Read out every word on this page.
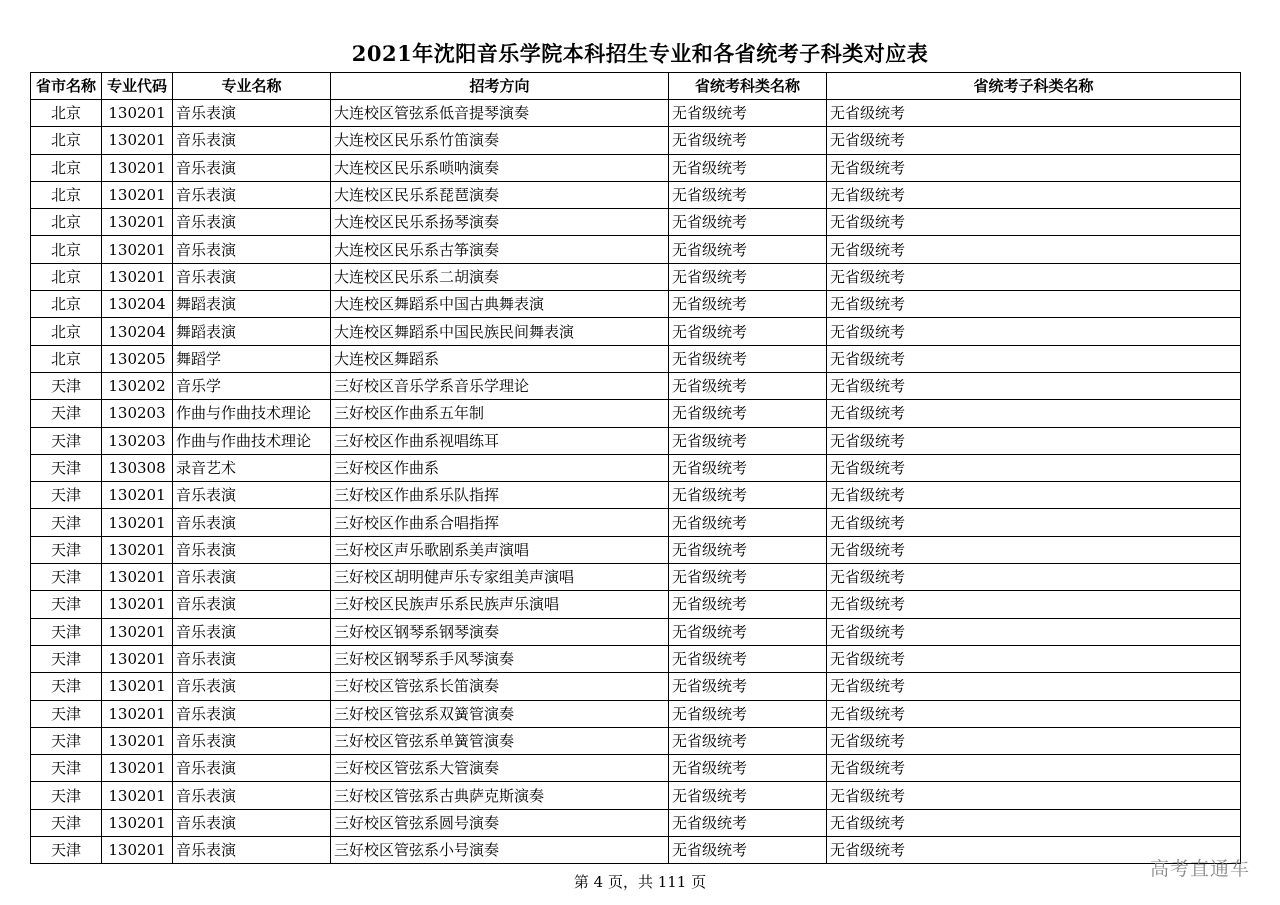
2021年沈阳音乐学院本科招生专业和各省统考子科类对应表
省市名称	专业代码	专业名称	招考方向	省统考科类名称	省统考子科类名称
北京	130201	音乐表演	大连校区管弦系低音提琴演奏	无省级统考	无省级统考
北京	130201	音乐表演	大连校区民乐系竹笛演奏	无省级统考	无省级统考
北京	130201	音乐表演	大连校区民乐系唢呐演奏	无省级统考	无省级统考
北京	130201	音乐表演	大连校区民乐系琵琶演奏	无省级统考	无省级统考
北京	130201	音乐表演	大连校区民乐系扬琴演奏	无省级统考	无省级统考
北京	130201	音乐表演	大连校区民乐系古筝演奏	无省级统考	无省级统考
北京	130201	音乐表演	大连校区民乐系二胡演奏	无省级统考	无省级统考
北京	130204	舞蹈表演	大连校区舞蹈系中国古典舞表演	无省级统考	无省级统考
北京	130204	舞蹈表演	大连校区舞蹈系中国民族民间舞表演	无省级统考	无省级统考
北京	130205	舞蹈学	大连校区舞蹈系	无省级统考	无省级统考
天津	130202	音乐学	三好校区音乐学系音乐学理论	无省级统考	无省级统考
天津	130203	作曲与作曲技术理论	三好校区作曲系五年制	无省级统考	无省级统考
天津	130203	作曲与作曲技术理论	三好校区作曲系视唱练耳	无省级统考	无省级统考
天津	130308	录音艺术	三好校区作曲系	无省级统考	无省级统考
天津	130201	音乐表演	三好校区作曲系乐队指挥	无省级统考	无省级统考
天津	130201	音乐表演	三好校区作曲系合唱指挥	无省级统考	无省级统考
天津	130201	音乐表演	三好校区声乐歌剧系美声演唱	无省级统考	无省级统考
天津	130201	音乐表演	三好校区胡明健声乐专家组美声演唱	无省级统考	无省级统考
天津	130201	音乐表演	三好校区民族声乐系民族声乐演唱	无省级统考	无省级统考
天津	130201	音乐表演	三好校区钢琴系钢琴演奏	无省级统考	无省级统考
天津	130201	音乐表演	三好校区钢琴系手风琴演奏	无省级统考	无省级统考
天津	130201	音乐表演	三好校区管弦系长笛演奏	无省级统考	无省级统考
天津	130201	音乐表演	三好校区管弦系双簧管演奏	无省级统考	无省级统考
天津	130201	音乐表演	三好校区管弦系单簧管演奏	无省级统考	无省级统考
天津	130201	音乐表演	三好校区管弦系大管演奏	无省级统考	无省级统考
天津	130201	音乐表演	三好校区管弦系古典萨克斯演奏	无省级统考	无省级统考
天津	130201	音乐表演	三好校区管弦系圆号演奏	无省级统考	无省级统考
天津	130201	音乐表演	三好校区管弦系小号演奏	无省级统考	无省级统考
第 4 页，共 111 页
高考直通车
